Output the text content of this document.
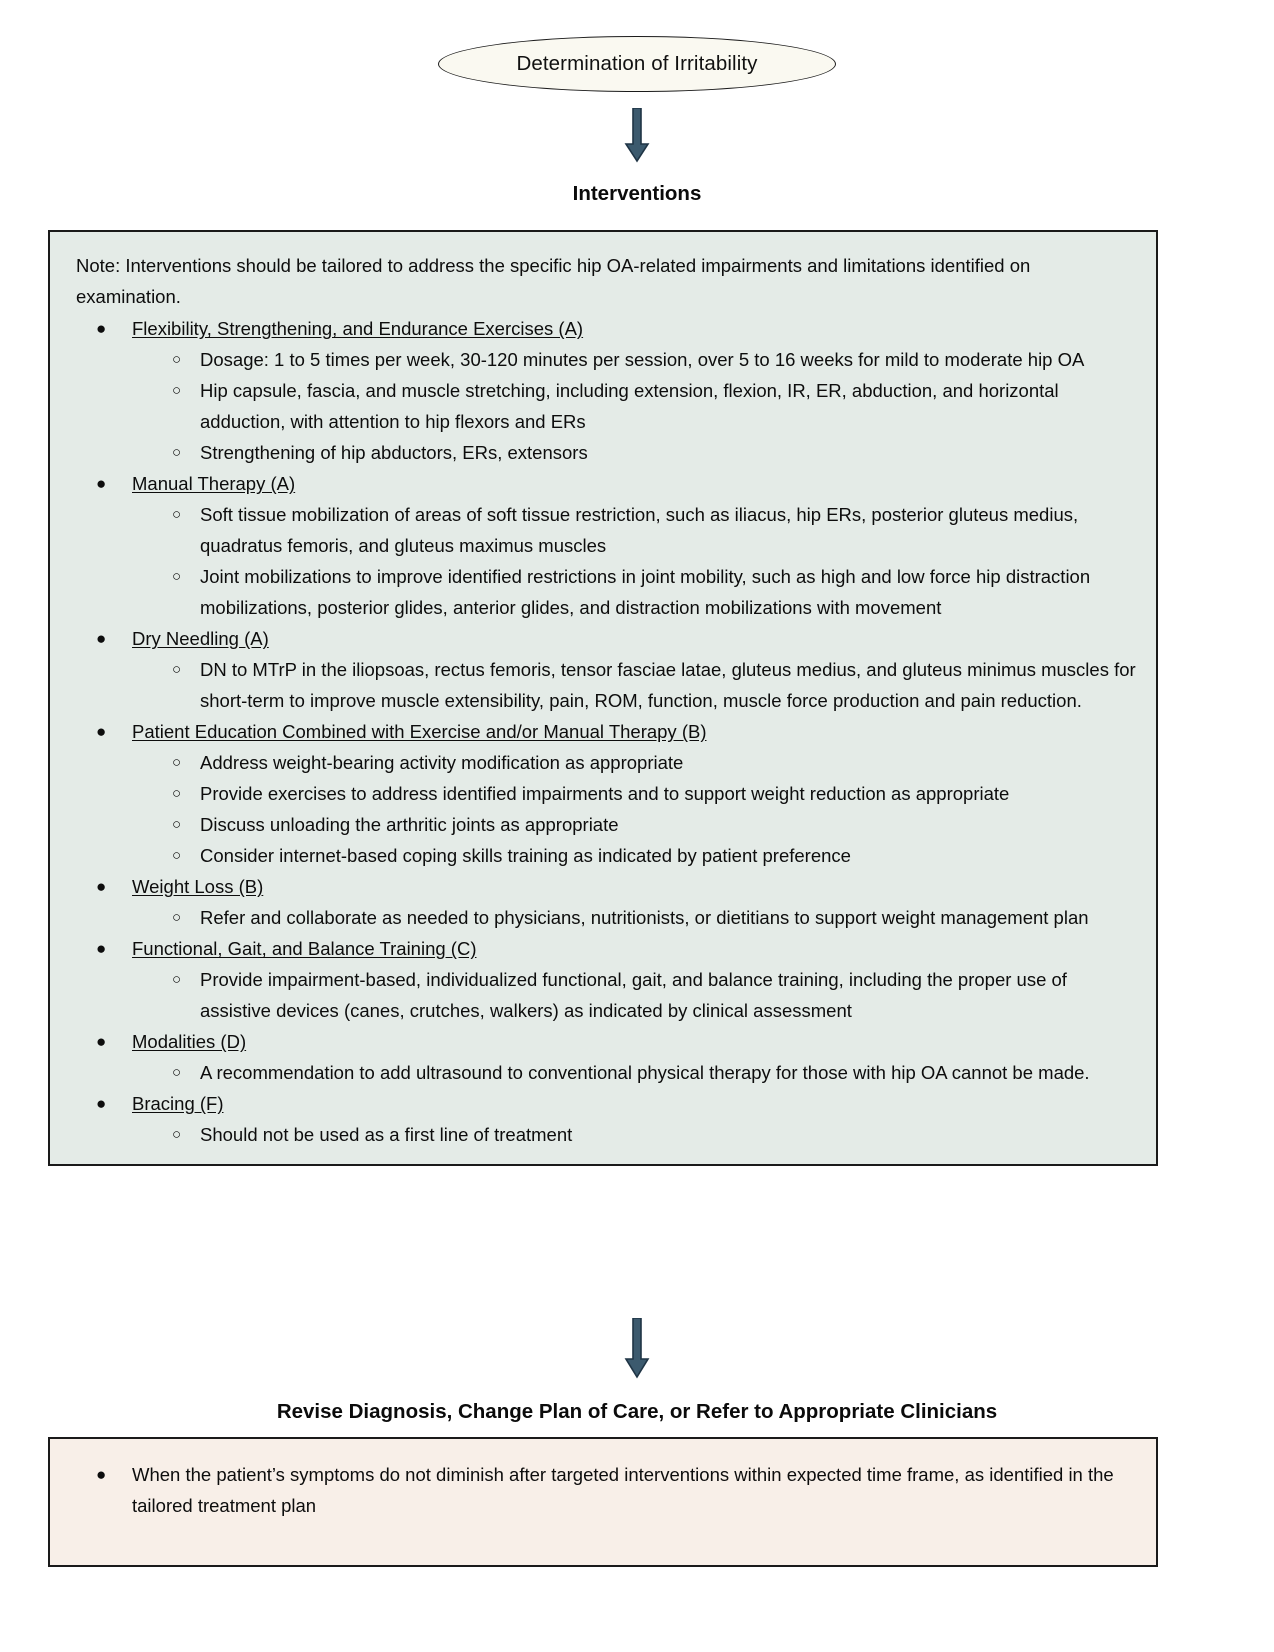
Determination of Irritability
Interventions
Note: Interventions should be tailored to address the specific hip OA-related impairments and limitations identified on examination.
● Flexibility, Strengthening, and Endurance Exercises (A)
○ Dosage: 1 to 5 times per week, 30-120 minutes per session, over 5 to 16 weeks for mild to moderate hip OA
○ Hip capsule, fascia, and muscle stretching, including extension, flexion, IR, ER, abduction, and horizontal adduction, with attention to hip flexors and ERs
○ Strengthening of hip abductors, ERs, extensors
● Manual Therapy (A)
○ Soft tissue mobilization of areas of soft tissue restriction, such as iliacus, hip ERs, posterior gluteus medius, quadratus femoris, and gluteus maximus muscles
○ Joint mobilizations to improve identified restrictions in joint mobility, such as high and low force hip distraction mobilizations, posterior glides, anterior glides, and distraction mobilizations with movement
● Dry Needling (A)
○ DN to MTrP in the iliopsoas, rectus femoris, tensor fasciae latae, gluteus medius, and gluteus minimus muscles for short-term to improve muscle extensibility, pain, ROM, function, muscle force production and pain reduction.
● Patient Education Combined with Exercise and/or Manual Therapy (B)
○ Address weight-bearing activity modification as appropriate
○ Provide exercises to address identified impairments and to support weight reduction as appropriate
○ Discuss unloading the arthritic joints as appropriate
○ Consider internet-based coping skills training as indicated by patient preference
● Weight Loss (B)
○ Refer and collaborate as needed to physicians, nutritionists, or dietitians to support weight management plan
● Functional, Gait, and Balance Training (C)
○ Provide impairment-based, individualized functional, gait, and balance training, including the proper use of assistive devices (canes, crutches, walkers) as indicated by clinical assessment
● Modalities (D)
○ A recommendation to add ultrasound to conventional physical therapy for those with hip OA cannot be made.
● Bracing (F)
○ Should not be used as a first line of treatment
Revise Diagnosis, Change Plan of Care, or Refer to Appropriate Clinicians
● When the patient’s symptoms do not diminish after targeted interventions within expected time frame, as identified in the tailored treatment plan
